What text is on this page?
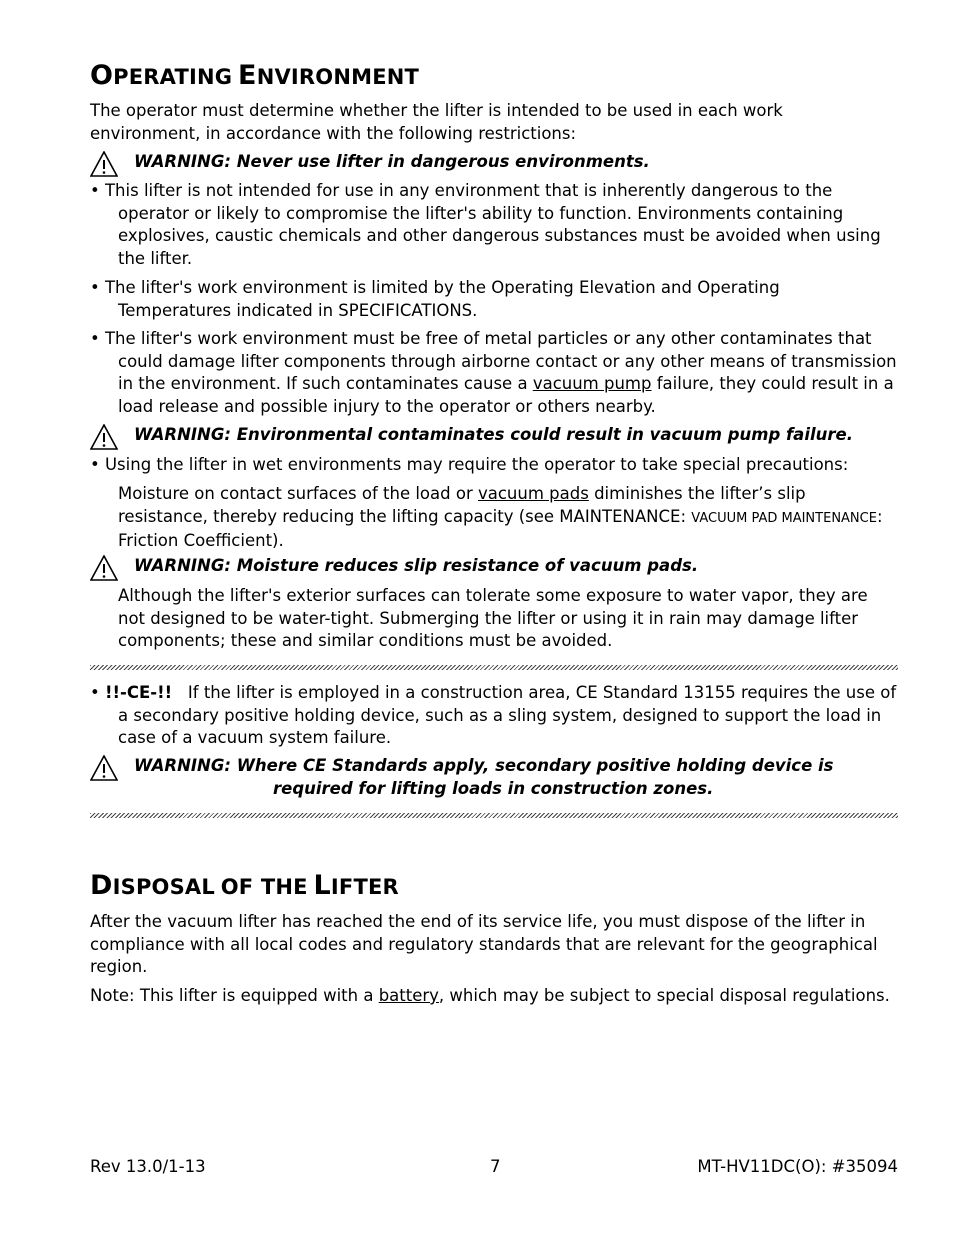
OPERATING ENVIRONMENT
The operator must determine whether the lifter is intended to be used in each work environment, in accordance with the following restrictions:
WARNING: Never use lifter in dangerous environments.
• This lifter is not intended for use in any environment that is inherently dangerous to the operator or likely to compromise the lifter's ability to function. Environments containing explosives, caustic chemicals and other dangerous substances must be avoided when using the lifter.
• The lifter's work environment is limited by the Operating Elevation and Operating Temperatures indicated in SPECIFICATIONS.
• The lifter's work environment must be free of metal particles or any other contaminates that could damage lifter components through airborne contact or any other means of transmission in the environment. If such contaminates cause a vacuum pump failure, they could result in a load release and possible injury to the operator or others nearby.
WARNING: Environmental contaminates could result in vacuum pump failure.
• Using the lifter in wet environments may require the operator to take special precautions:
Moisture on contact surfaces of the load or vacuum pads diminishes the lifter’s slip resistance, thereby reducing the lifting capacity (see MAINTENANCE: VACUUM PAD MAINTENANCE: Friction Coefficient).
WARNING: Moisture reduces slip resistance of vacuum pads.
Although the lifter's exterior surfaces can tolerate some exposure to water vapor, they are not designed to be water-tight. Submerging the lifter or using it in rain may damage lifter components; these and similar conditions must be avoided.
• !!-CE-!! If the lifter is employed in a construction area, CE Standard 13155 requires the use of a secondary positive holding device, such as a sling system, designed to support the load in case of a vacuum system failure.
WARNING: Where CE Standards apply, secondary positive holding device is
required for lifting loads in construction zones.
DISPOSAL OF THE LIFTER
After the vacuum lifter has reached the end of its service life, you must dispose of the lifter in compliance with all local codes and regulatory standards that are relevant for the geographical region.
Note: This lifter is equipped with a battery, which may be subject to special disposal regulations.
Rev 13.0/1-13	7	MT-HV11DC(O): #35094
